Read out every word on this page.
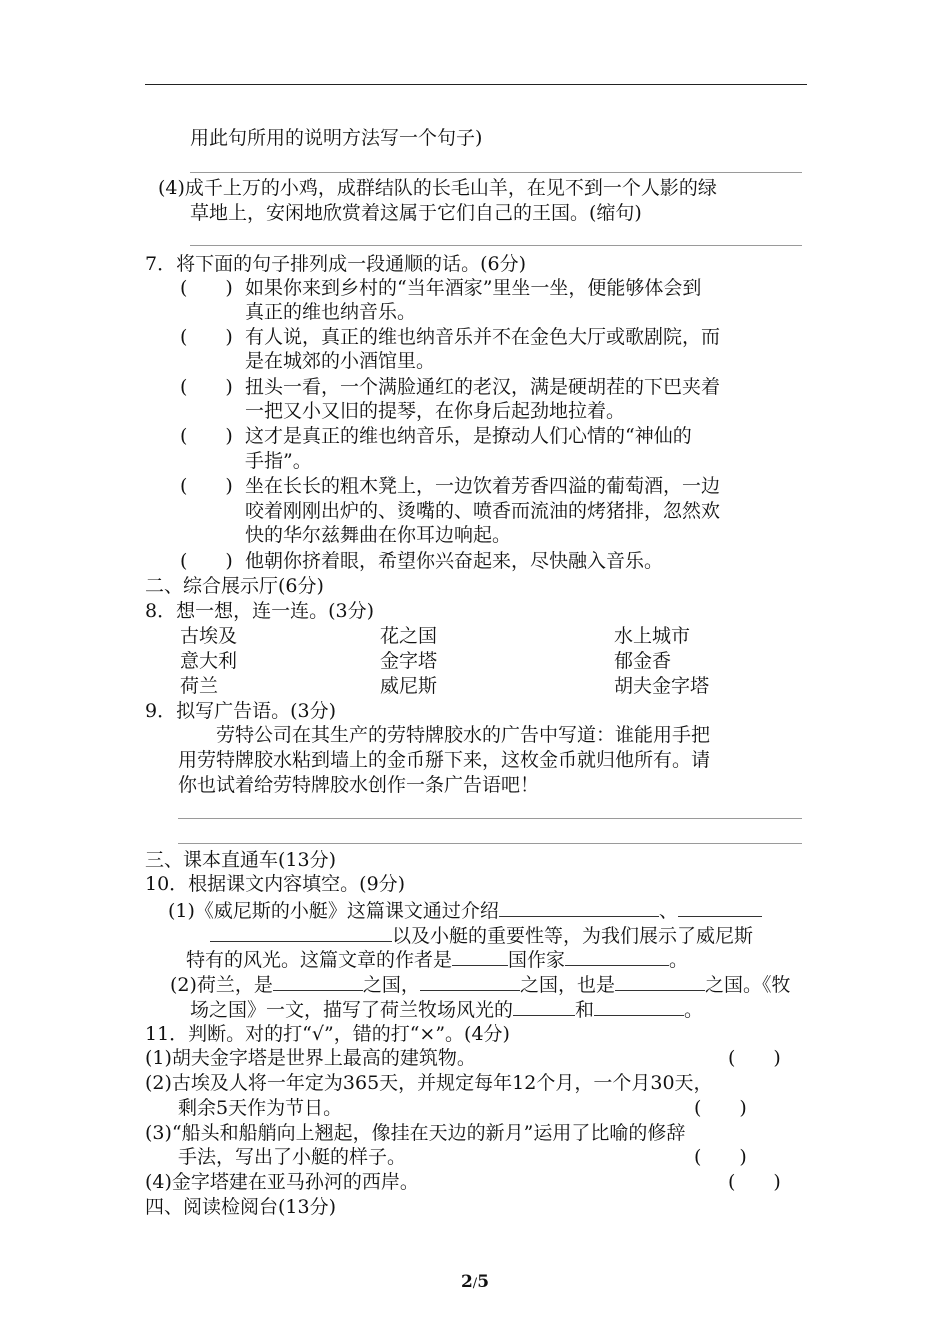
用此句所用的说明方法写一个句子)
(4)成千上万的小鸡，成群结队的长毛山羊，在见不到一个人影的绿
草地上，安闲地欣赏着这属于它们自己的王国。(缩句)
7．将下面的句子排列成一段通顺的话。(6分)
(　　) 如果你来到乡村的“当年酒家”里坐一坐，便能够体会到
真正的维也纳音乐。
(　　) 有人说，真正的维也纳音乐并不在金色大厅或歌剧院，而
是在城郊的小酒馆里。
(　　) 扭头一看，一个满脸通红的老汉，满是硬胡茬的下巴夹着
一把又小又旧的提琴，在你身后起劲地拉着。
(　　) 这才是真正的维也纳音乐，是撩动人们心情的“神仙的
手指”。
(　　) 坐在长长的粗木凳上，一边饮着芳香四溢的葡萄酒，一边
咬着刚刚出炉的、烫嘴的、喷香而流油的烤猪排，忽然欢
快的华尔兹舞曲在你耳边响起。
(　　) 他朝你挤着眼，希望你兴奋起来，尽快融入音乐。
二、综合展示厅(6分)
8．想一想，连一连。(3分)
古埃及	花之国	水上城市
意大利	金字塔	郁金香
荷兰	威尼斯	胡夫金字塔
9．拟写广告语。(3分)
劳特公司在其生产的劳特牌胶水的广告中写道：谁能用手把
用劳特牌胶水粘到墙上的金币掰下来，这枚金币就归他所有。请
你也试着给劳特牌胶水创作一条广告语吧！
三、课本直通车(13分)
10．根据课文内容填空。(9分)
(1)《威尼斯的小艇》这篇课文通过介绍	、
以及小艇的重要性等，为我们展示了威尼斯
特有的风光。这篇文章的作者是	国作家	。
(2)荷兰，是	之国，	之国，也是	之国。《牧
场之国》一文，描写了荷兰牧场风光的	和	。
11．判断。对的打“√”，错的打“×”。(4分)
(1)胡夫金字塔是世界上最高的建筑物。	(　　)
(2)古埃及人将一年定为365天，并规定每年12个月，一个月30天，
剩余5天作为节日。	(　　)
(3)“船头和船艄向上翘起，像挂在天边的新月”运用了比喻的修辞
手法，写出了小艇的样子。	(　　)
(4)金字塔建在亚马孙河的西岸。	(　　)
四、阅读检阅台(13分)
2/5
